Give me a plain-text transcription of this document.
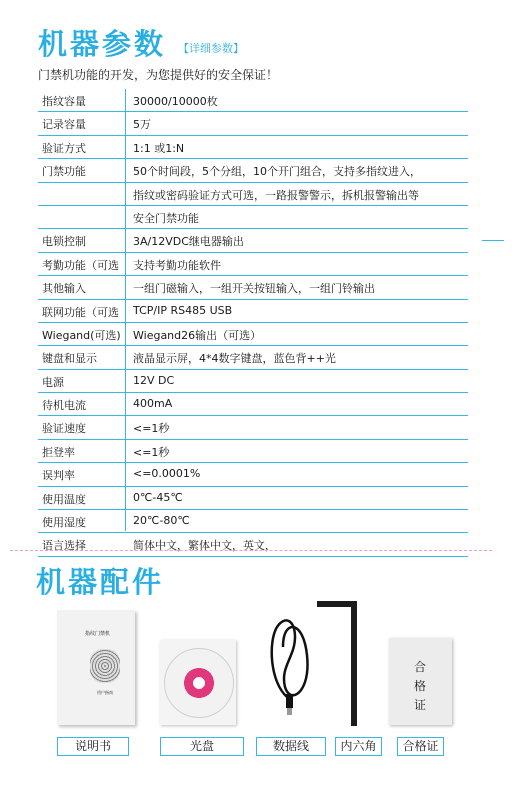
机器参数 【详细参数】
门禁机功能的开发，为您提供好的安全保证！
指纹容量	30000/10000枚
记录容量	5万
验证方式	1:1 或1:N
门禁功能	50个时间段，5个分组，10个开门组合，支持多指纹进入，
指纹或密码验证方式可选，一路报警警示，拆机报警输出等
安全门禁功能
电锁控制	3A/12VDC继电器输出
考勤功能（可选	支持考勤功能软件
其他输入	一组门磁输入，一组开关按钮输入，一组门铃输出
联网功能（可选	TCP/IP RS485 USB
Wiegand(可选)	Wiegand26输出（可选）
键盘和显示	液晶显示屏，4*4数字键盘，蓝色背++光
电源	12V DC
待机电流	400mA
验证速度	<=1秒
拒登率	<=1秒
误判率	<=0.0001%
使用温度	0℃-45℃
使用湿度	20℃-80℃
语言选择	简体中文，繁体中文，英文，
机器配件
指纹门禁机
用户指南
合格证
说明书	光盘	数据线	内六角	合格证
